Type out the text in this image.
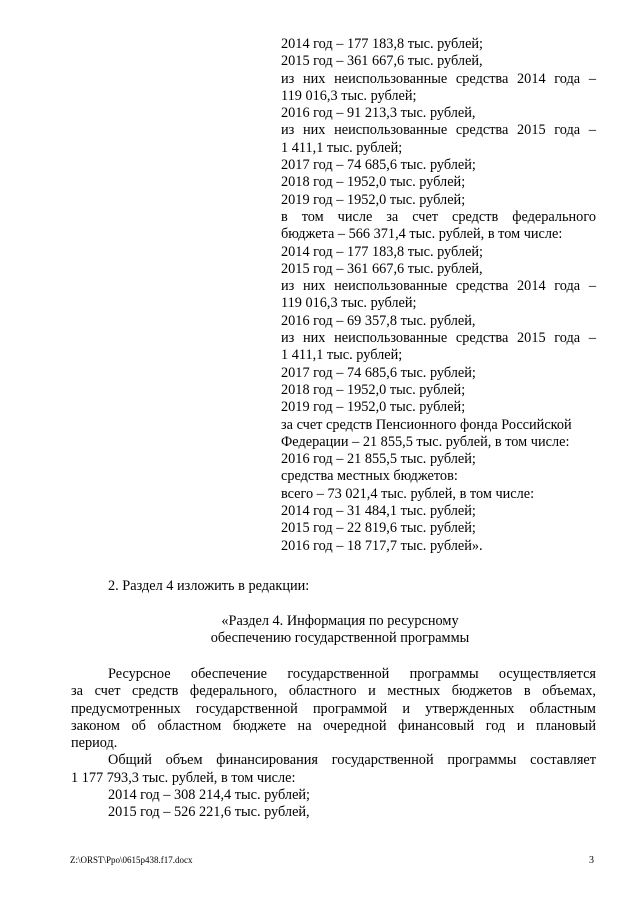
2014 год – 177 183,8 тыс. рублей;
2015 год – 361 667,6 тыс. рублей,
из них неиспользованные средства 2014 года –
119 016,3 тыс. рублей;
2016 год – 91 213,3 тыс. рублей,
из них неиспользованные средства 2015 года –
1 411,1 тыс. рублей;
2017 год – 74 685,6 тыс. рублей;
2018 год – 1952,0 тыс. рублей;
2019 год – 1952,0 тыс. рублей;
в том числе за счет средств федерального
бюджета – 566 371,4 тыс. рублей, в том числе:
2014 год – 177 183,8 тыс. рублей;
2015 год – 361 667,6 тыс. рублей,
из них неиспользованные средства 2014 года –
119 016,3 тыс. рублей;
2016 год – 69 357,8 тыс. рублей,
из них неиспользованные средства 2015 года –
1 411,1 тыс. рублей;
2017 год – 74 685,6 тыс. рублей;
2018 год – 1952,0 тыс. рублей;
2019 год – 1952,0 тыс. рублей;
за счет средств Пенсионного фонда Российской
Федерации – 21 855,5 тыс. рублей, в том числе:
2016 год – 21 855,5 тыс. рублей;
средства местных бюджетов:
всего – 73 021,4 тыс. рублей, в том числе:
2014 год – 31 484,1 тыс. рублей;
2015 год – 22 819,6 тыс. рублей;
2016 год – 18 717,7 тыс. рублей».
2. Раздел 4 изложить в редакции:
«Раздел 4. Информация по ресурсному
обеспечению государственной программы
Ресурсное обеспечение государственной программы осуществляется
за счет средств федерального, областного и местных бюджетов в объемах,
предусмотренных государственной программой и утвержденных областным
законом об областном бюджете на очередной финансовый год и плановый
период.
Общий объем финансирования государственной программы составляет
1 177 793,3 тыс. рублей, в том числе:
2014 год – 308 214,4 тыс. рублей;
2015 год – 526 221,6 тыс. рублей,
Z:\ORST\Ppo\0615p438.f17.docx	3
